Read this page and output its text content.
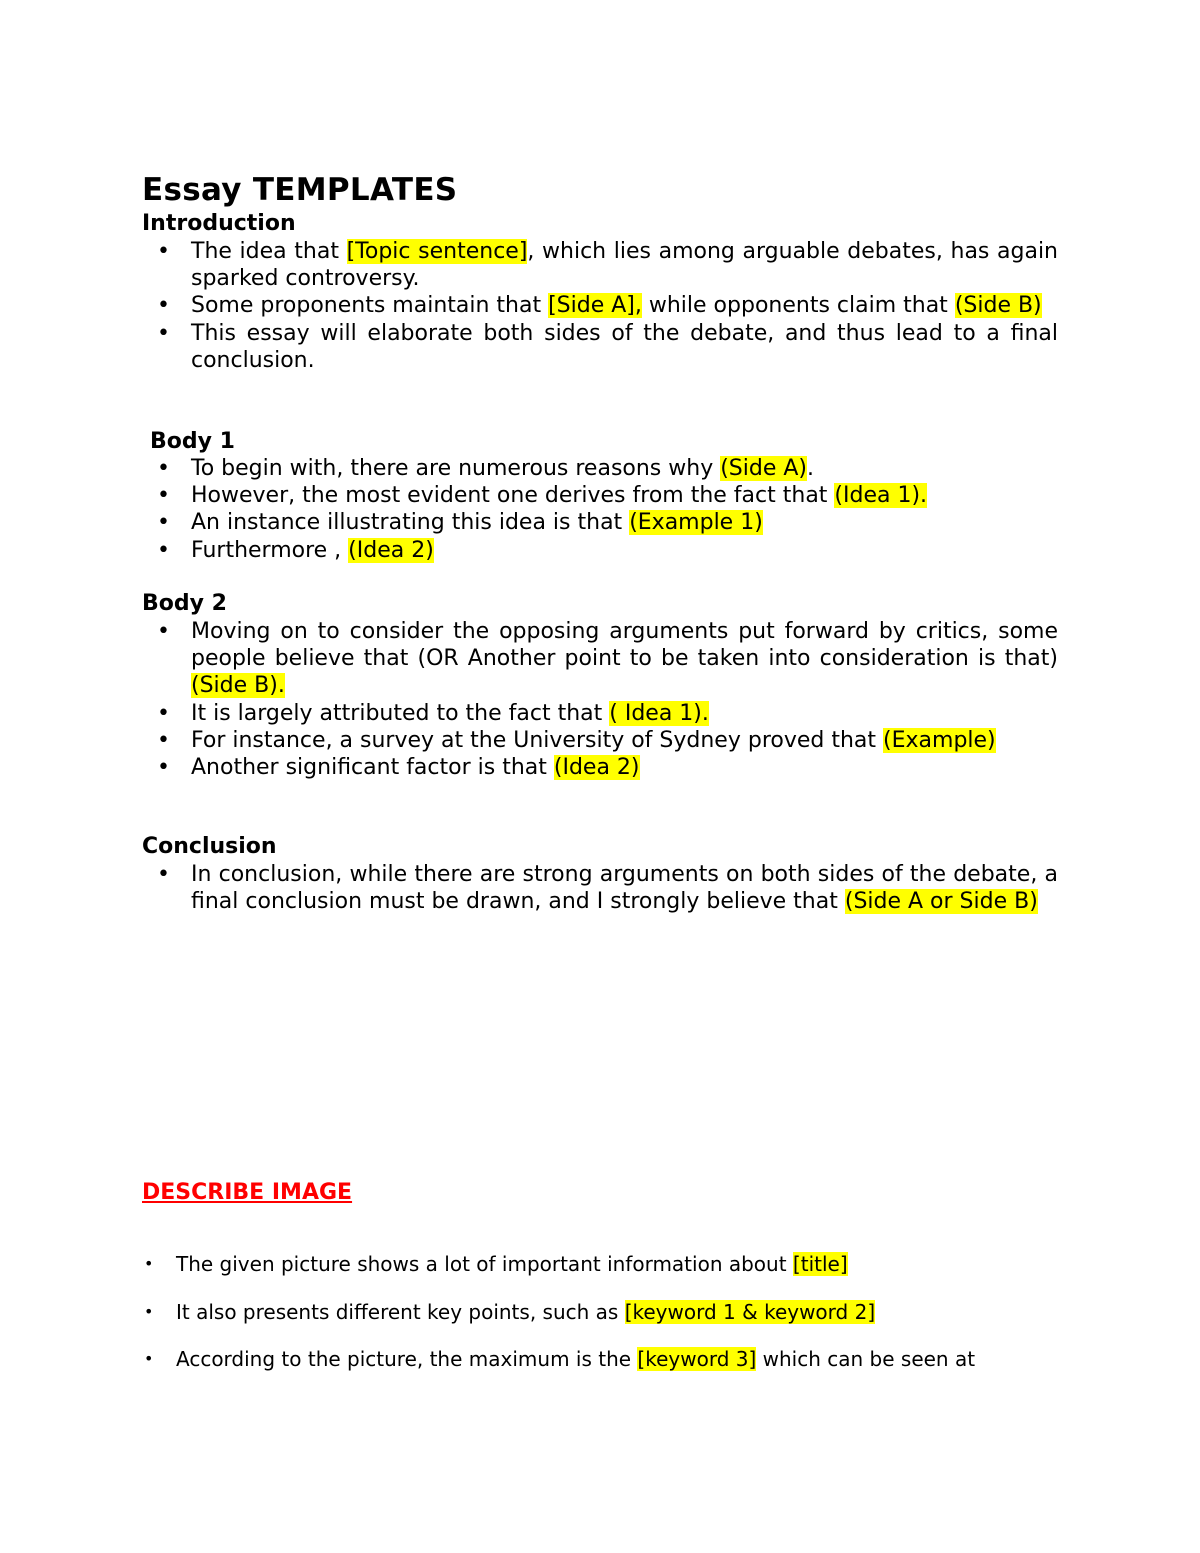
Essay TEMPLATES
Introduction
• The idea that [Topic sentence], which lies among arguable debates, has again sparked controversy.
• Some proponents maintain that [Side A], while opponents claim that (Side B)
• This essay will elaborate both sides of the debate, and thus lead to a final conclusion.
Body 1
• To begin with, there are numerous reasons why (Side A).
• However, the most evident one derives from the fact that (Idea 1).
• An instance illustrating this idea is that (Example 1)
• Furthermore , (Idea 2)
Body 2
• Moving on to consider the opposing arguments put forward by critics, some people believe that (OR Another point to be taken into consideration is that) (Side B).
• It is largely attributed to the fact that ( Idea 1).
• For instance, a survey at the University of Sydney proved that (Example)
• Another significant factor is that (Idea 2)
Conclusion
• In conclusion, while there are strong arguments on both sides of the debate, a final conclusion must be drawn, and I strongly believe that (Side A or Side B)
DESCRIBE IMAGE
• The given picture shows a lot of important information about [title]
• It also presents different key points, such as [keyword 1 & keyword 2]
• According to the picture, the maximum is the [keyword 3] which can be seen at
